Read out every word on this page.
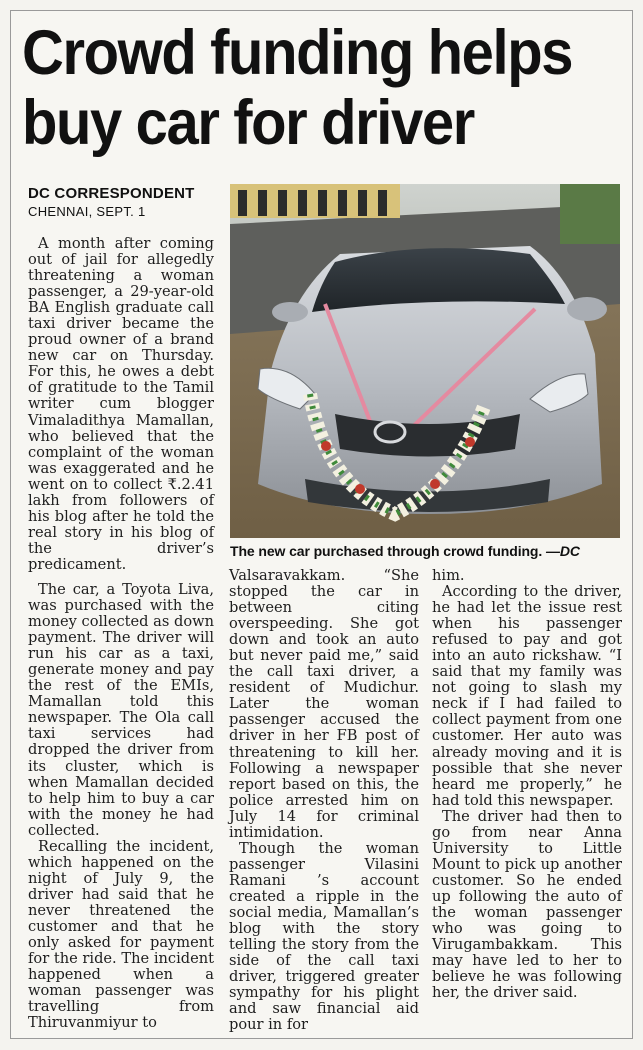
Crowd funding helps
buy car for driver
DC CORRESPONDENT
CHENNAI, SEPT. 1
The new car purchased through crowd funding. —DC

A month after coming out of jail for allegedly threatening a woman passenger, a 29-year-old BA English graduate call taxi driver became the proud owner of a brand new car on Thursday. For this, he owes a debt of gratitude to the Tamil writer cum blogger Vimaladithya Mamallan, who believed that the complaint of the woman was exaggerated and he went on to collect ₹.2.41 lakh from followers of his blog after he told the real story in his blog of the driver’s predicament.

The car, a Toyota Liva, was purchased with the money collected as down payment. The driver will run his car as a taxi, generate money and pay the rest of the EMIs, Mamallan told this newspaper. The Ola call taxi services had dropped the driver from its cluster, which is when Mamallan decided to help him to buy a car with the money he had collected.

Recalling the incident, which happened on the night of July 9, the driver had said that he never threatened the customer and that he only asked for payment for the ride. The incident happened when a woman passenger was travelling from Thiruvanmiyur to

Valsaravakkam. “She stopped the car in between citing overspeeding. She got down and took an auto but never paid me,” said the call taxi driver, a resident of Mudichur. Later the woman passenger accused the driver in her FB post of threatening to kill her. Following a newspaper report based on this, the police arrested him on July 14 for criminal intimidation.

Though the woman passenger Vilasini Ramani ’s account created a ripple in the social media, Mamallan’s blog with the story telling the story from the side of the call taxi driver, triggered greater sympathy for his plight and saw financial aid pour in for

him.

According to the driver, he had let the issue rest when his passenger refused to pay and got into an auto rickshaw. “I said that my family was not going to slash my neck if I had failed to collect payment from one customer. Her auto was already moving and it is possible that she never heard me properly,” he had told this newspaper.

The driver had then to go from near Anna University to Little Mount to pick up another customer. So he ended up following the auto of the woman passenger who was going to Virugambakkam. This may have led to her to believe he was following her, the driver said.
